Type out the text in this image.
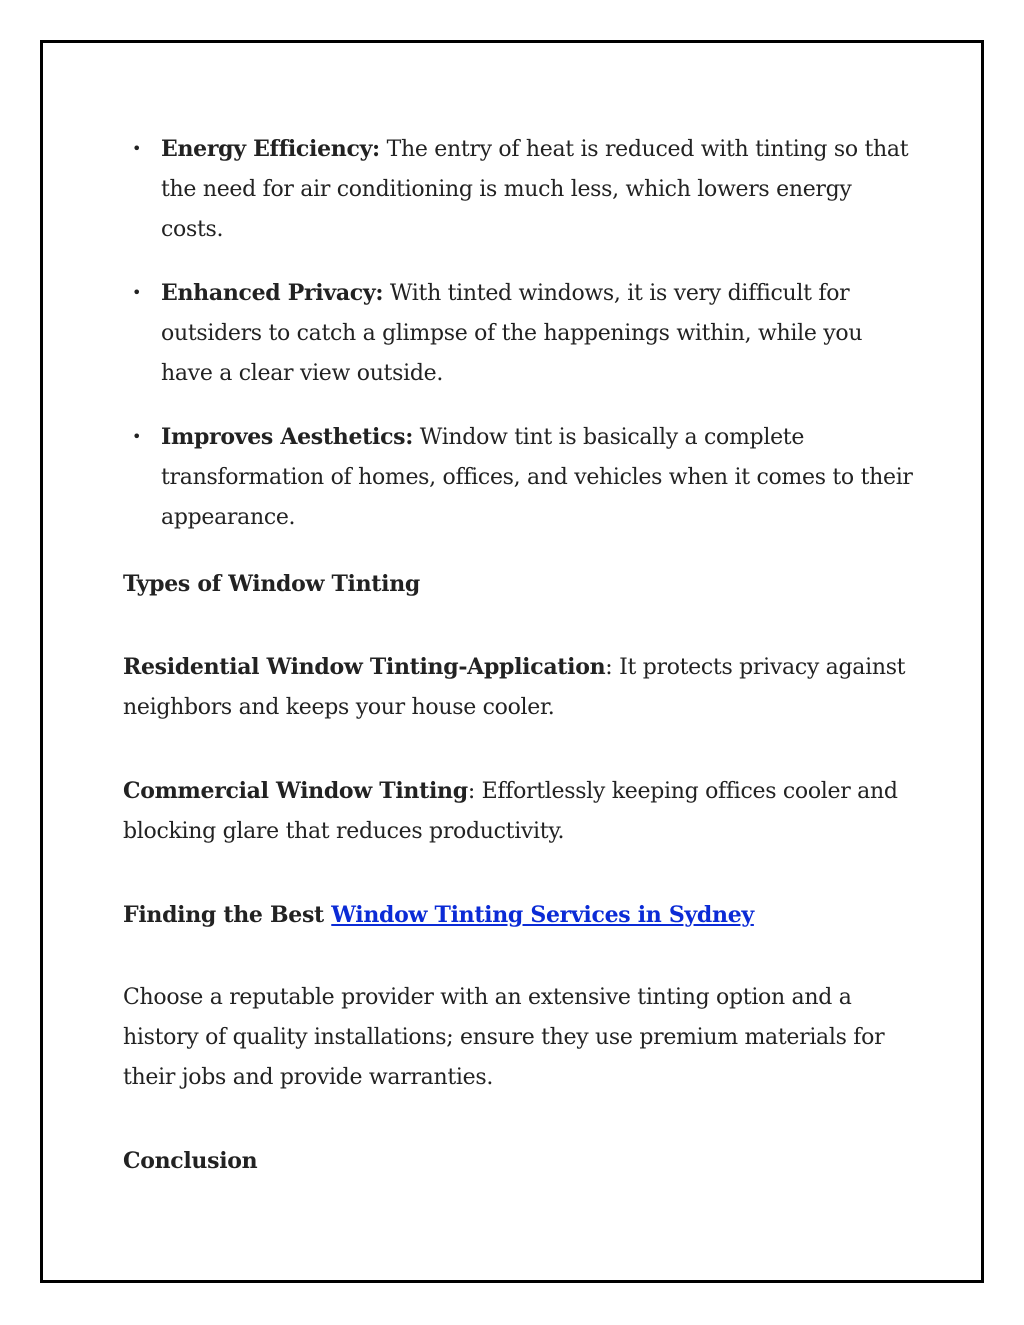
• Energy Efficiency: The entry of heat is reduced with tinting so that the need for air conditioning is much less, which lowers energy costs.
• Enhanced Privacy: With tinted windows, it is very difficult for outsiders to catch a glimpse of the happenings within, while you have a clear view outside.
• Improves Aesthetics: Window tint is basically a complete transformation of homes, offices, and vehicles when it comes to their appearance.

Types of Window Tinting

Residential Window Tinting-Application: It protects privacy against neighbors and keeps your house cooler.

Commercial Window Tinting: Effortlessly keeping offices cooler and blocking glare that reduces productivity.

Finding the Best Window Tinting Services in Sydney

Choose a reputable provider with an extensive tinting option and a history of quality installations; ensure they use premium materials for their jobs and provide warranties.

Conclusion
